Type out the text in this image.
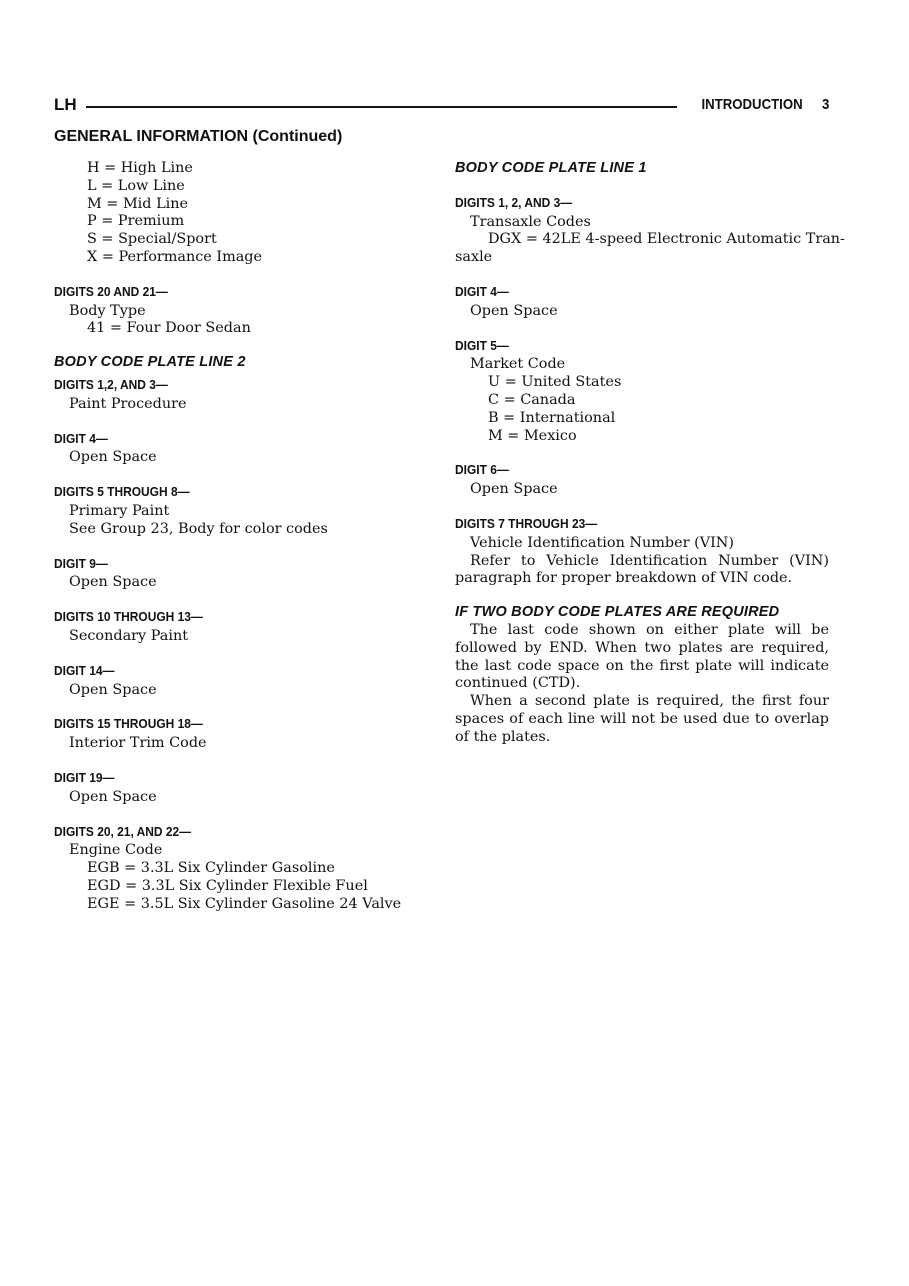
LH	INTRODUCTION 3
GENERAL INFORMATION (Continued)
H = High Line
L = Low Line
M = Mid Line
P = Premium
S = Special/Sport
X = Performance Image
DIGITS 20 AND 21—
Body Type
41 = Four Door Sedan
BODY CODE PLATE LINE 2
DIGITS 1,2, AND 3—
Paint Procedure
DIGIT 4—
Open Space
DIGITS 5 THROUGH 8—
Primary Paint
See Group 23, Body for color codes
DIGIT 9—
Open Space
DIGITS 10 THROUGH 13—
Secondary Paint
DIGIT 14—
Open Space
DIGITS 15 THROUGH 18—
Interior Trim Code
DIGIT 19—
Open Space
DIGITS 20, 21, AND 22—
Engine Code
EGB = 3.3L Six Cylinder Gasoline
EGD = 3.3L Six Cylinder Flexible Fuel
EGE = 3.5L Six Cylinder Gasoline 24 Valve
BODY CODE PLATE LINE 1
DIGITS 1, 2, AND 3—
Transaxle Codes
DGX = 42LE 4-speed Electronic Automatic Tran-
saxle
DIGIT 4—
Open Space
DIGIT 5—
Market Code
U = United States
C = Canada
B = International
M = Mexico
DIGIT 6—
Open Space
DIGITS 7 THROUGH 23—
Vehicle Identification Number (VIN)
Refer to Vehicle Identification Number (VIN) paragraph for proper breakdown of VIN code.
IF TWO BODY CODE PLATES ARE REQUIRED
The last code shown on either plate will be followed by END. When two plates are required, the last code space on the first plate will indicate continued (CTD).
When a second plate is required, the first four spaces of each line will not be used due to overlap of the plates.
